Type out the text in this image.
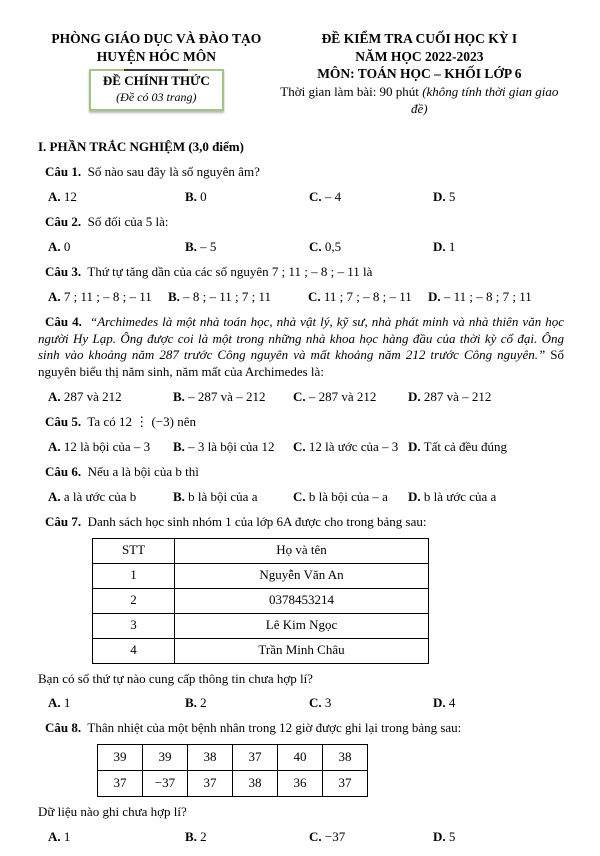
PHÒNG GIÁO DỤC VÀ ĐÀO TẠO
HUYỆN HÓC MÔN
ĐỀ CHÍNH THỨC
(Đề có 03 trang)
ĐỀ KIỂM TRA CUỐI HỌC KỲ I
NĂM HỌC 2022-2023
MÔN: TOÁN HỌC – KHỐI LỚP 6
Thời gian làm bài: 90 phút (không tính thời gian giao đề)
I. PHẦN TRẮC NGHIỆM (3,0 điểm)
Câu 1. Số nào sau đây là số nguyên âm?
A. 12	B. 0	C. – 4	D. 5
Câu 2. Số đối của 5 là:
A. 0	B. – 5	C. 0,5	D. 1
Câu 3. Thứ tự tăng dần của các số nguyên 7 ; 11 ; – 8 ; – 11 là
A. 7 ; 11 ; – 8 ; – 11	B. – 8 ; – 11 ; 7 ; 11	C. 11 ; 7 ; – 8 ; – 11	D. – 11 ; – 8 ; 7 ; 11
Câu 4. “Archimedes là một nhà toán học, nhà vật lý, kỹ sư, nhà phát minh và nhà thiên văn học người Hy Lạp. Ông được coi là một trong những nhà khoa học hàng đầu của thời kỳ cổ đại. Ông sinh vào khoảng năm 287 trước Công nguyên và mất khoảng năm 212 trước Công nguyên.” Số nguyên biểu thị năm sinh, năm mất của Archimedes là:
A. 287 và 212	B. – 287 và – 212	C. – 287 và 212	D. 287 và – 212
Câu 5. Ta có 12 ⋮ (−3) nên
A. 12 là bội của – 3	B. – 3 là bội của 12	C. 12 là ước của – 3 D. Tất cả đều đúng
Câu 6. Nếu a là bội của b thì
A. a là ước của b	B. b là bội của a	C. b là bội của – a	D. b là ước của a
Câu 7. Danh sách học sinh nhóm 1 của lớp 6A được cho trong bảng sau:
STT	Họ và tên
1	Nguyễn Văn An
2	0378453214
3	Lê Kim Ngọc
4	Trần Minh Châu
Bạn có số thứ tự nào cung cấp thông tin chưa hợp lí?
A. 1	B. 2	C. 3	D. 4
Câu 8. Thân nhiệt của một bệnh nhân trong 12 giờ được ghi lại trong bảng sau:
39	39	38	37	40	38
37	−37	37	38	36	37
Dữ liệu nào ghi chưa hợp lí?
A. 1	B. 2	C. −37	D. 5
